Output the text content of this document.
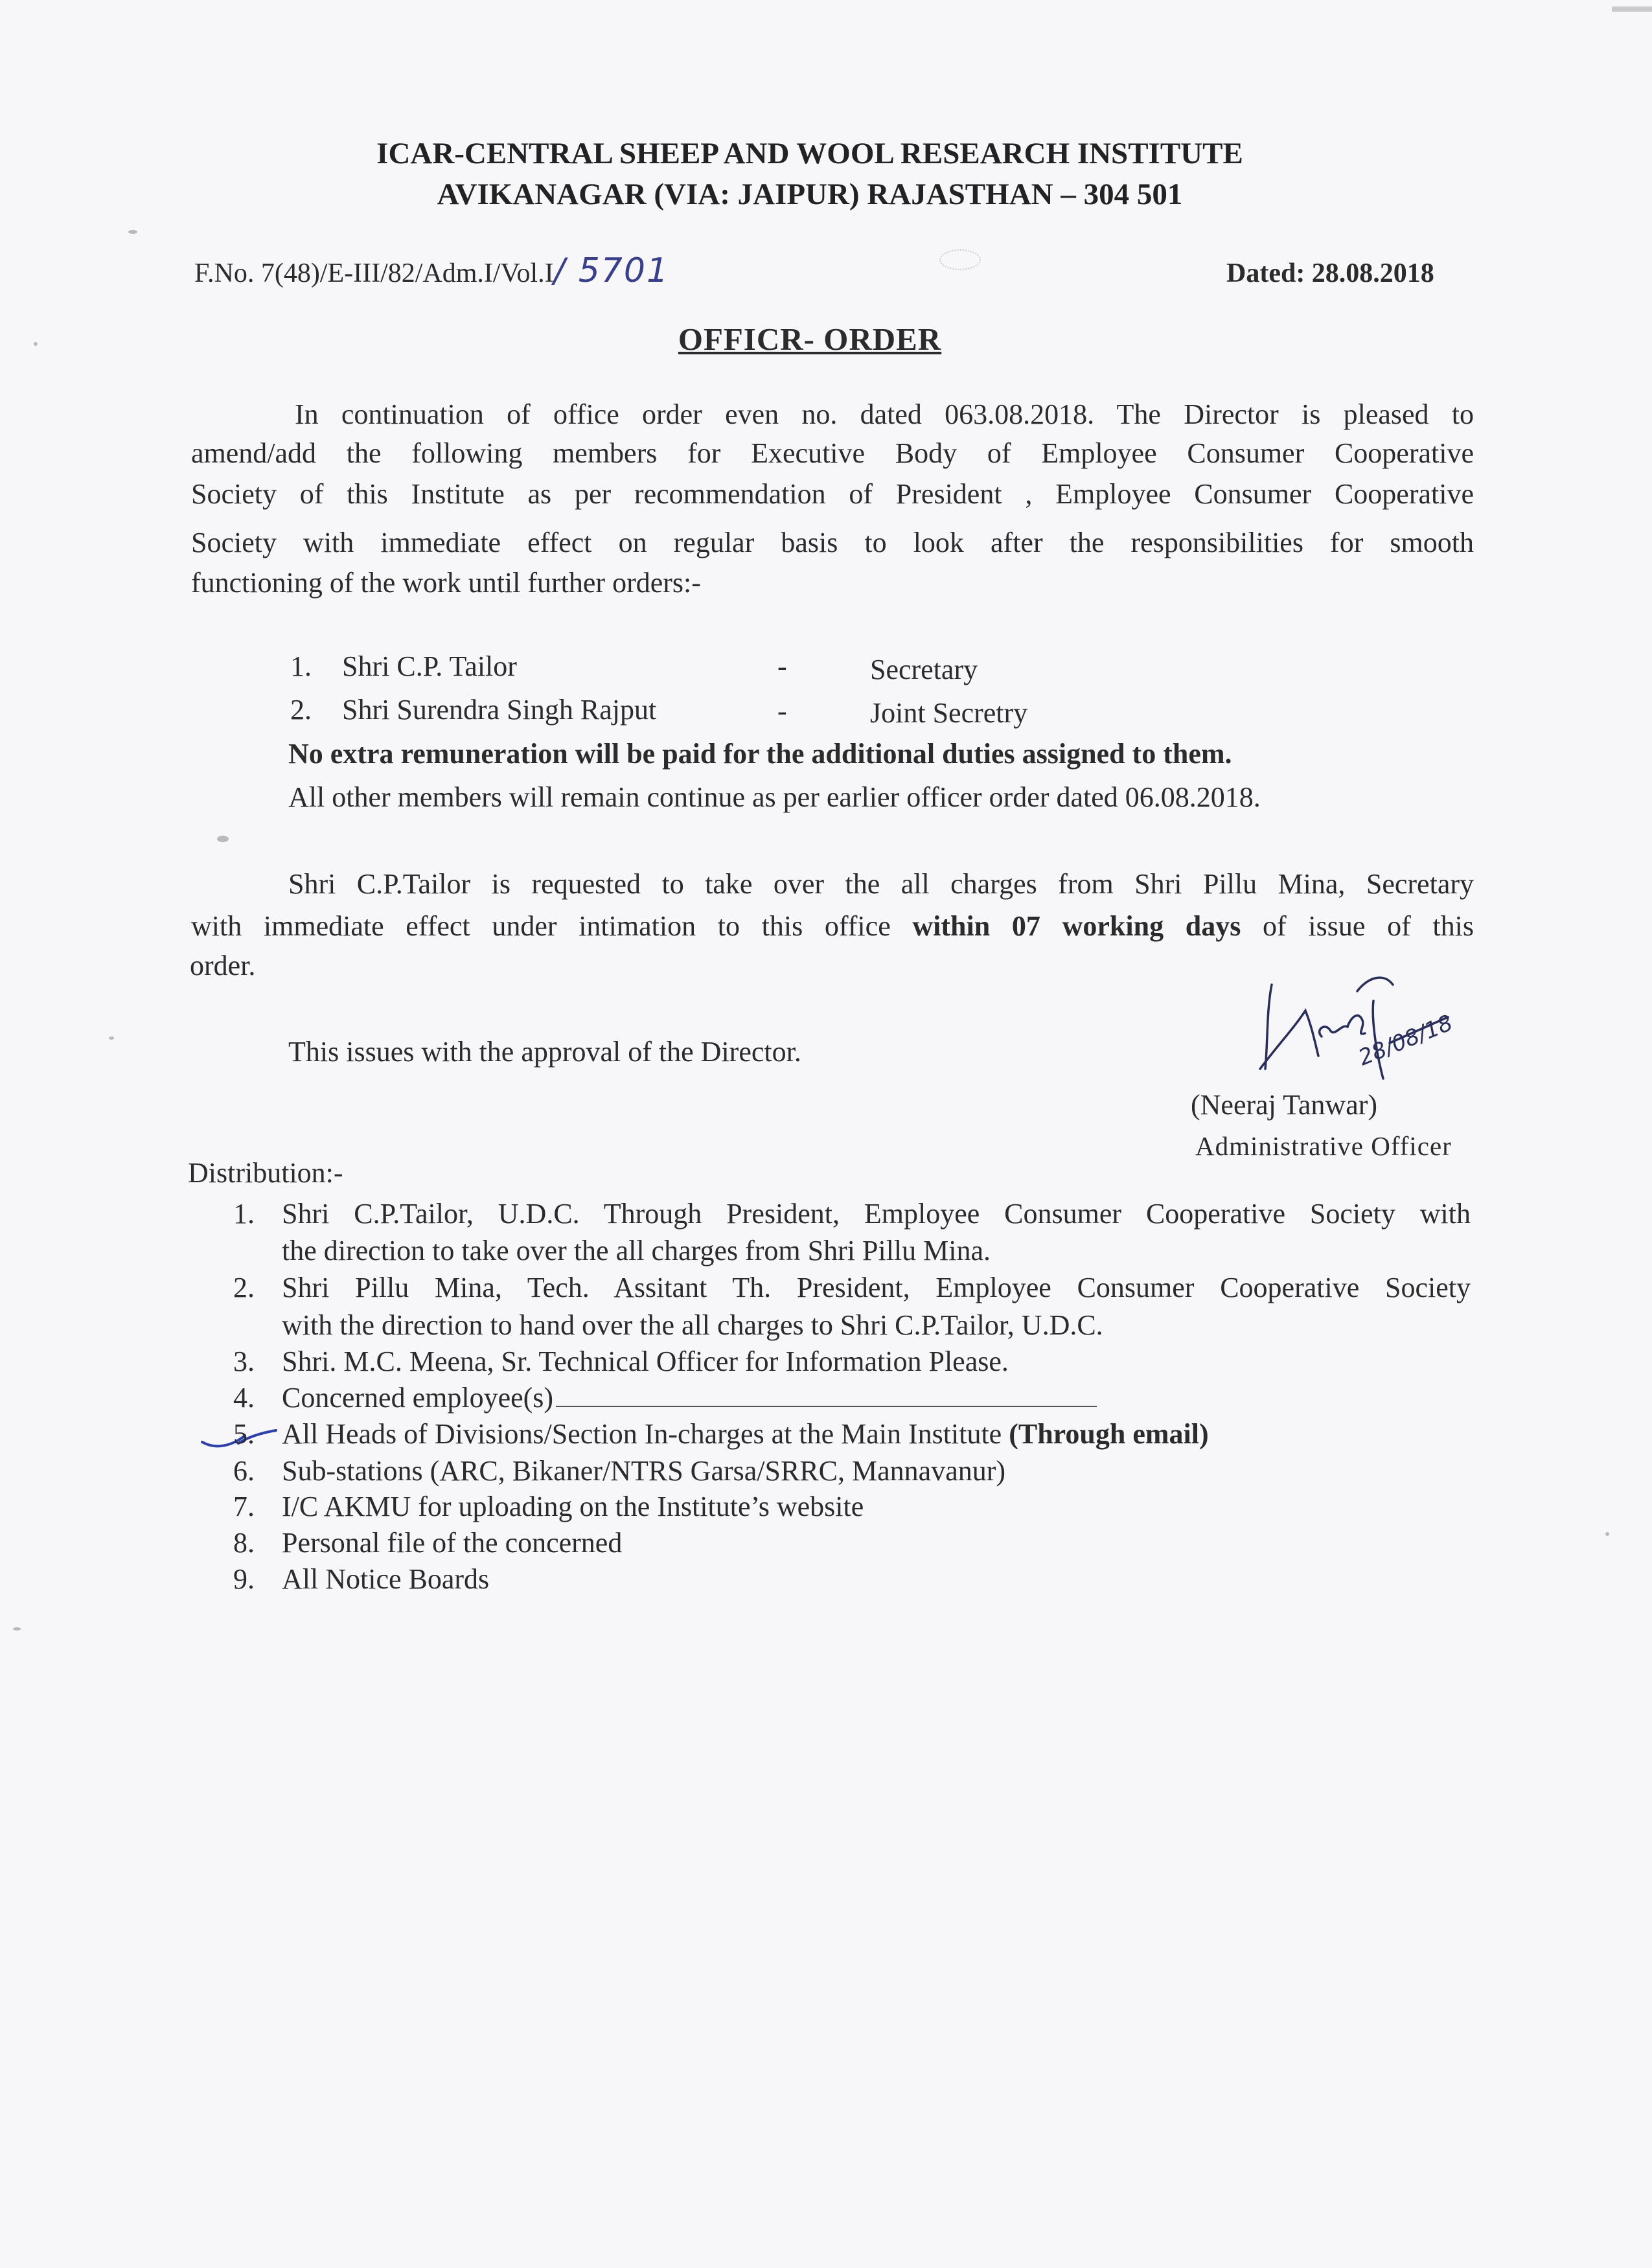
ICAR-CENTRAL SHEEP AND WOOL RESEARCH INSTITUTE
AVIKANAGAR (VIA: JAIPUR) RAJASTHAN – 304 501
F.No. 7(48)/E-III/82/Adm.I/Vol.I/ 5701	Dated: 28.08.2018
OFFICR- ORDER
In continuation of office order even no. dated 063.08.2018. The Director is pleased to
amend/add the following members for Executive Body of Employee Consumer Cooperative
Society of this Institute as per recommendation of President , Employee Consumer Cooperative
Society with immediate effect on regular basis to look after the responsibilities for smooth
functioning of the work until further orders:-
1. Shri C.P. Tailor	-	Secretary
2. Shri Surendra Singh Rajput	-	Joint Secretry
No extra remuneration will be paid for the additional duties assigned to them.
All other members will remain continue as per earlier officer order dated 06.08.2018.
Shri C.P.Tailor is requested to take over the all charges from Shri Pillu Mina, Secretary
with immediate effect under intimation to this office within 07 working days of issue of this
order.
This issues with the approval of the Director.	28/08/18
(Neeraj Tanwar)
Administrative Officer
Distribution:-
1. Shri C.P.Tailor, U.D.C. Through President, Employee Consumer Cooperative Society with
the direction to take over the all charges from Shri Pillu Mina.
2. Shri Pillu Mina, Tech. Assitant Th. President, Employee Consumer Cooperative Society
with the direction to hand over the all charges to Shri C.P.Tailor, U.D.C.
3. Shri. M.C. Meena, Sr. Technical Officer for Information Please.
4. Concerned employee(s)
5. All Heads of Divisions/Section In-charges at the Main Institute (Through email)
6. Sub-stations (ARC, Bikaner/NTRS Garsa/SRRC, Mannavanur)
7. I/C AKMU for uploading on the Institute’s website
8. Personal file of the concerned
9. All Notice Boards
